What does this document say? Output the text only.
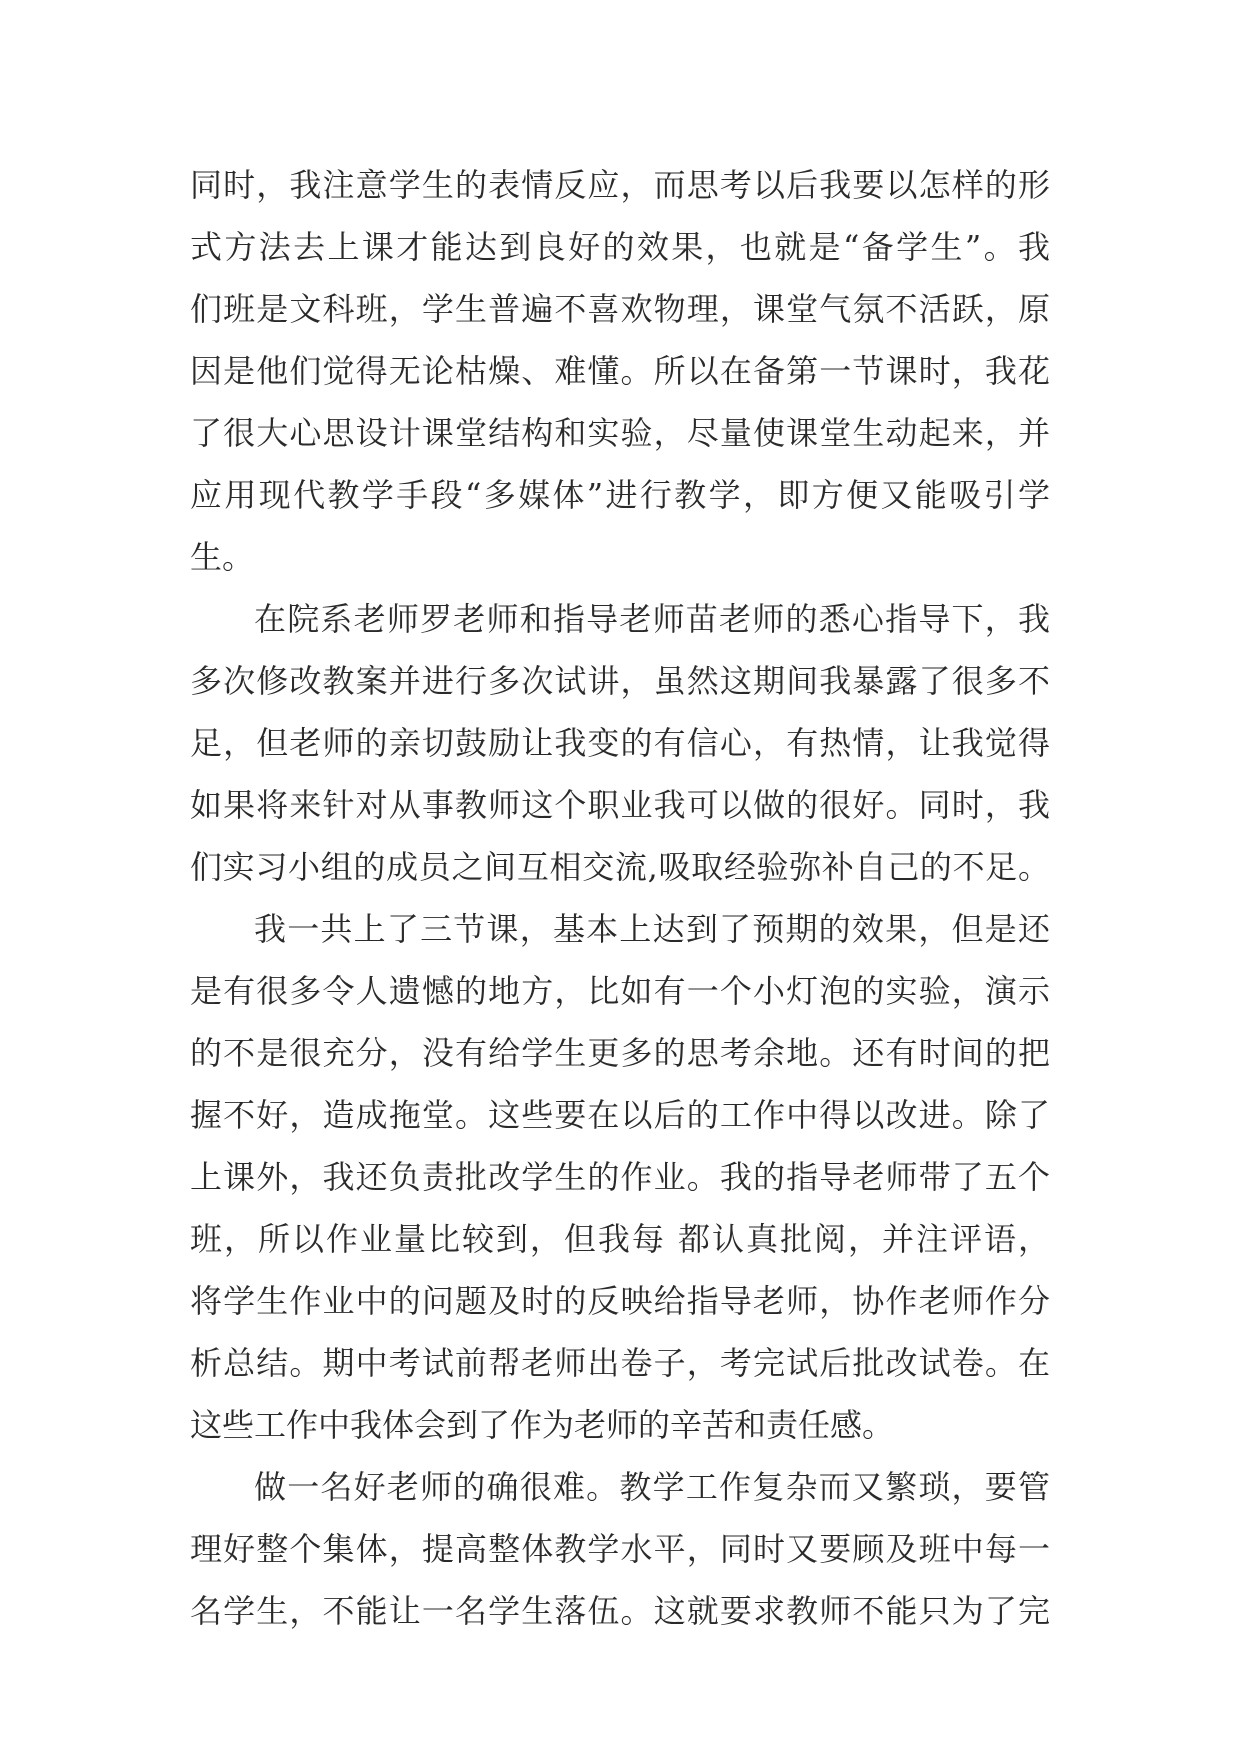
同时，我注意学生的表情反应，而思考以后我要以怎样的形
式方法去上课才能达到良好的效果，也就是“备学生”。我
们班是文科班，学生普遍不喜欢物理，课堂气氛不活跃，原
因是他们觉得无论枯燥、难懂。所以在备第一节课时，我花
了很大心思设计课堂结构和实验，尽量使课堂生动起来，并
应用现代教学手段“多媒体”进行教学，即方便又能吸引学
生。
在院系老师罗老师和指导老师苗老师的悉心指导下，我
多次修改教案并进行多次试讲，虽然这期间我暴露了很多不
足，但老师的亲切鼓励让我变的有信心，有热情，让我觉得
如果将来针对从事教师这个职业我可以做的很好。同时，我
们实习小组的成员之间互相交流,吸取经验弥补自己的不足。
我一共上了三节课，基本上达到了预期的效果，但是还
是有很多令人遗憾的地方，比如有一个小灯泡的实验，演示
的不是很充分，没有给学生更多的思考余地。还有时间的把
握不好，造成拖堂。这些要在以后的工作中得以改进。除了
上课外，我还负责批改学生的作业。我的指导老师带了五个
班，所以作业量比较到，但我每 都认真批阅，并注评语，
将学生作业中的问题及时的反映给指导老师，协作老师作分
析总结。期中考试前帮老师出卷子，考完试后批改试卷。在
这些工作中我体会到了作为老师的辛苦和责任感。
做一名好老师的确很难。教学工作复杂而又繁琐，要管
理好整个集体，提高整体教学水平，同时又要顾及班中每一
名学生，不能让一名学生落伍。这就要求教师不能只为了完
